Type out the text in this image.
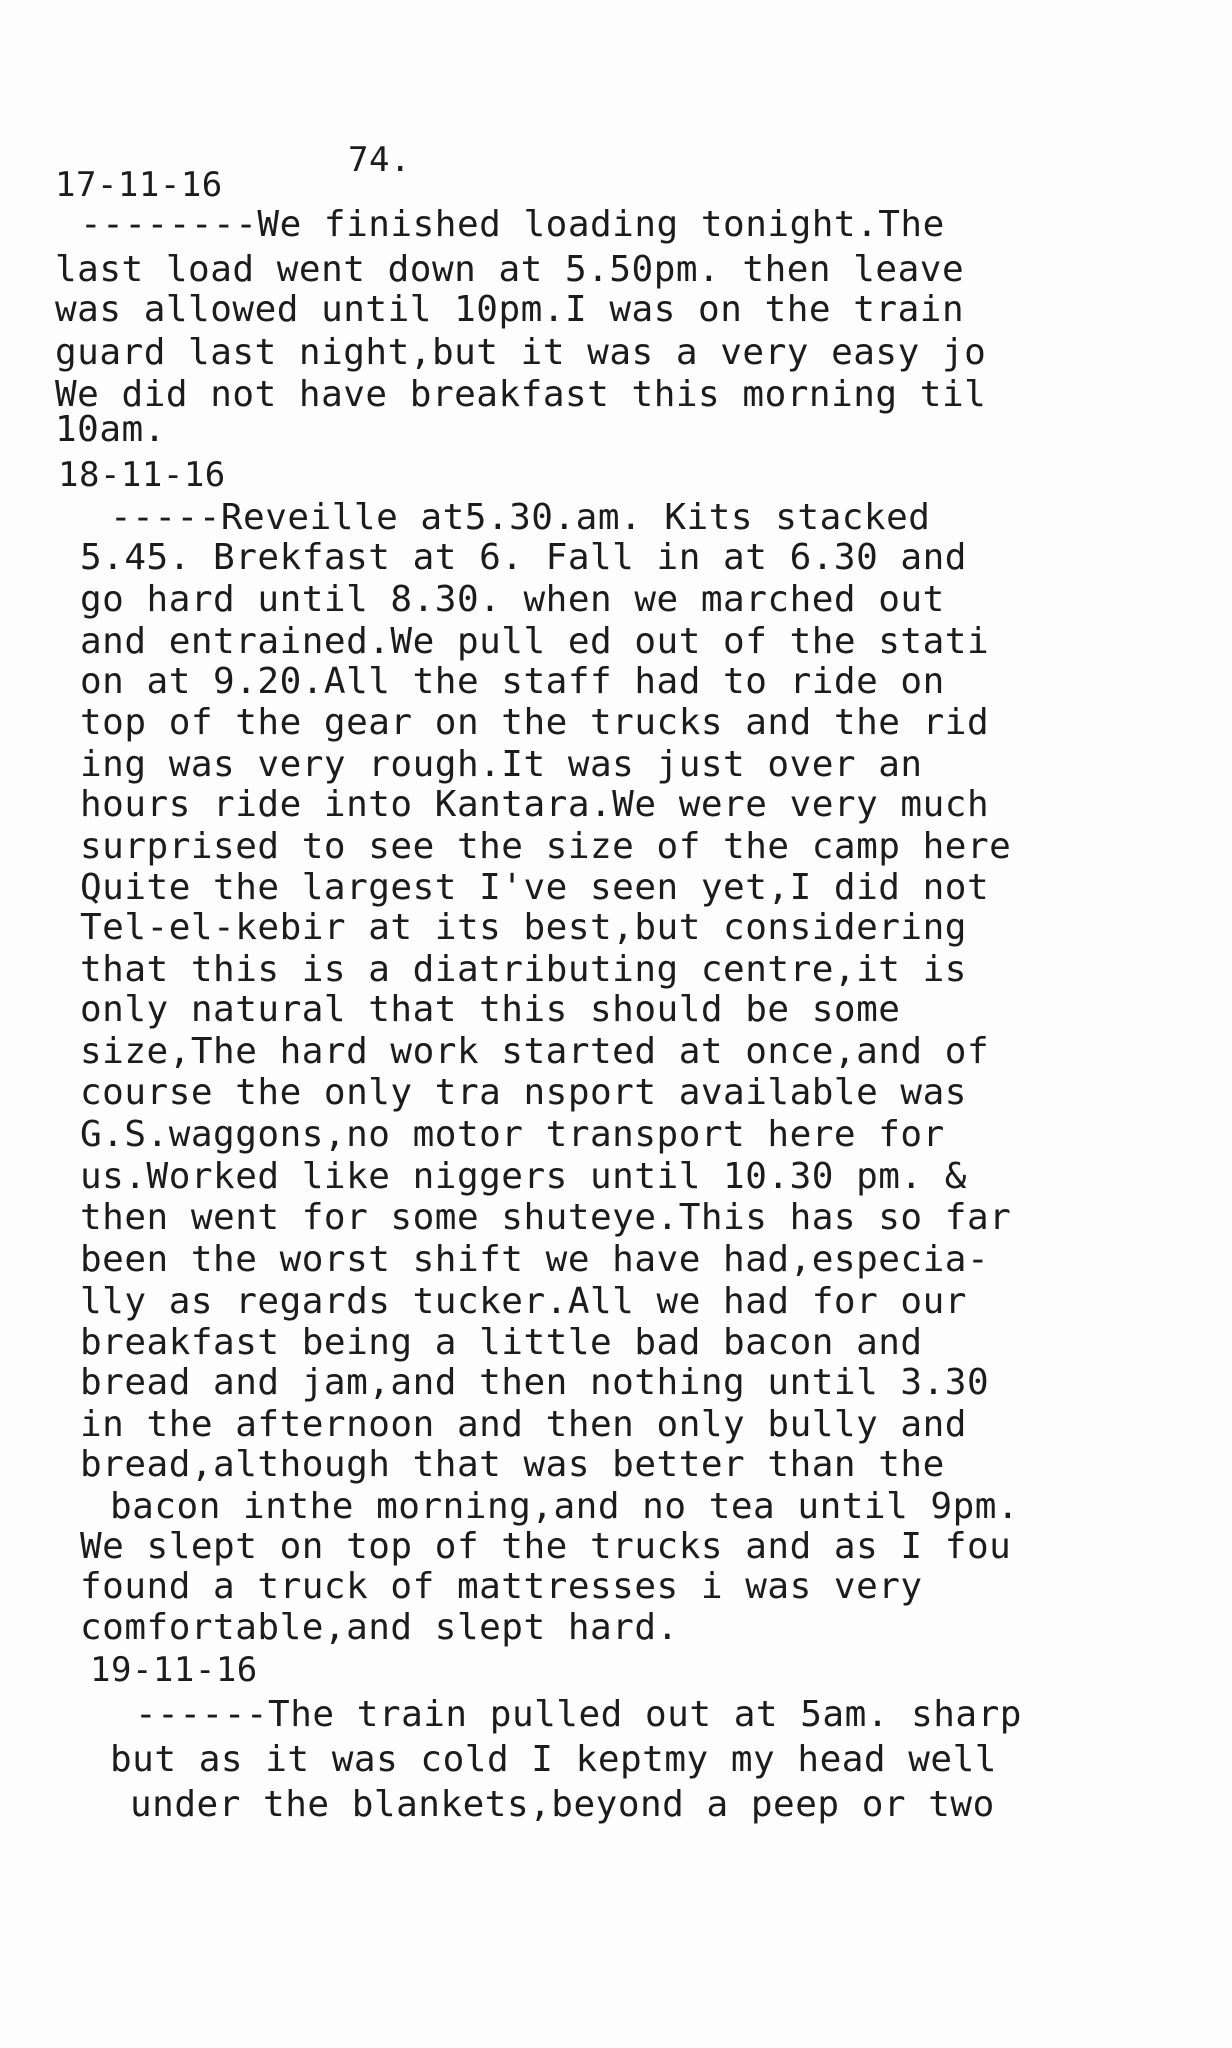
74.
17-11-16
--------We finished loading tonight.The
last load went down at 5.50pm. then leave
was allowed until 10pm.I was on the train
guard last night,but it was a very easy jo
We did not have breakfast this morning til
10am.
18-11-16
-----Reveille at5.30.am. Kits stacked
5.45. Brekfast at 6. Fall in at 6.30 and
go hard until 8.30. when we marched out
and entrained.We pull ed out of the stati
on at 9.20.All the staff had to ride on
top of the gear on the trucks and the rid
ing was very rough.It was just over an
hours ride into Kantara.We were very much
surprised to see the size of the camp here
Quite the largest I've seen yet,I did not
Tel-el-kebir at its best,but considering
that this is a diatributing centre,it is
only natural that this should be some
size,The hard work started at once,and of
course the only tra nsport available was
G.S.waggons,no motor transport here for
us.Worked like niggers until 10.30 pm. &
then went for some shuteye.This has so far
been the worst shift we have had,especia-
lly as regards tucker.All we had for our
breakfast being a little bad bacon and
bread and jam,and then nothing until 3.30
in the afternoon and then only bully and
bread,although that was better than the
bacon inthe morning,and no tea until 9pm.
We slept on top of the trucks and as I fou
found a truck of mattresses i was very
comfortable,and slept hard.
19-11-16
------The train pulled out at 5am. sharp
but as it was cold I keptmy my head well
under the blankets,beyond a peep or two
